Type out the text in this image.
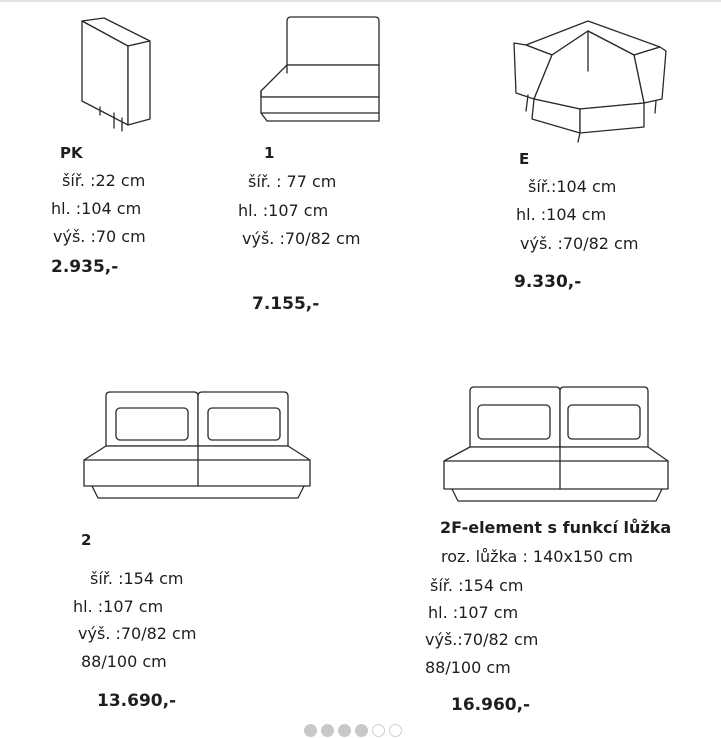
PK
šíř. :22 cm
hl. :104 cm
výš. :70 cm
2.935,-
1
šíř. : 77 cm
hl. :107 cm
výš. :70/82 cm
7.155,-
E
šíř.:104 cm
hl. :104 cm
výš. :70/82 cm
9.330,-
2
šíř. :154 cm
hl. :107 cm
výš. :70/82 cm
88/100 cm
13.690,-
2F-element s funkcí lůžka
roz. lůžka : 140x150 cm
šíř. :154 cm
hl. :107 cm
výš.:70/82 cm
88/100 cm
16.960,-
